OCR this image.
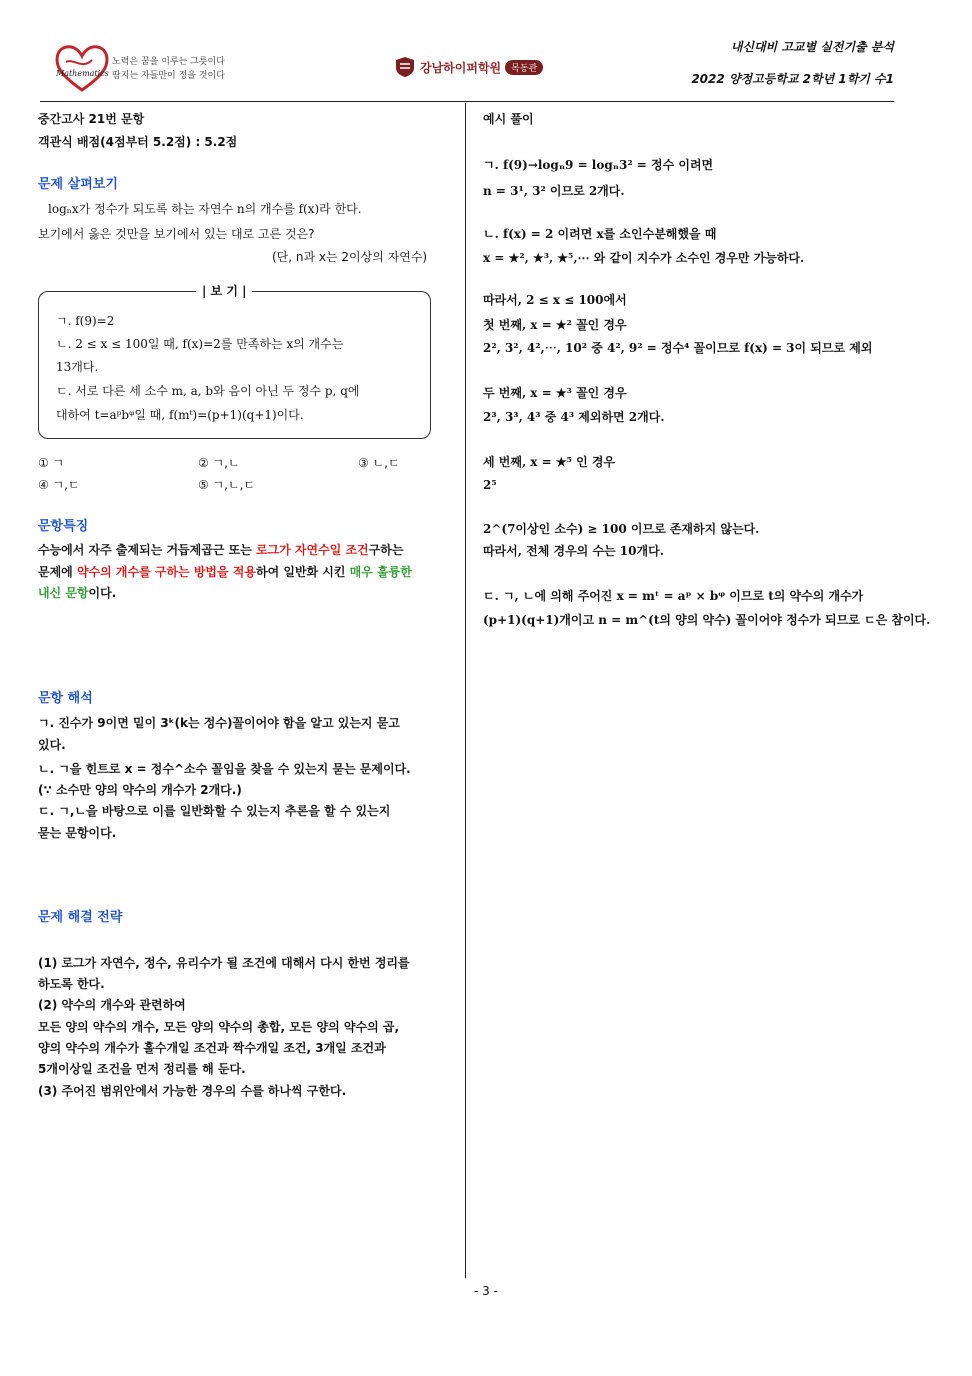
Mathematics
노력은 꿈을 이루는 그릇이다
땀지는 자들만이 정을 것이다
강남하이퍼학원	목동관
내신대비 고교별 실전기출 분석
2022 양정고등학교 2학년 1학기 수1
중간고사 21번 문항
객관식 배점(4점부터 5.2점) : 5.2점
문제 살펴보기
logₙx가 정수가 되도록 하는 자연수 n의 개수를 f(x)라 한다.
보기에서 옳은 것만을 보기에서 있는 대로 고른 것은?
(단, n과 x는 2이상의 자연수)
| 보 기 |
ㄱ. f(9)=2
ㄴ. 2 ≤ x ≤ 100일 때, f(x)=2를 만족하는 x의 개수는
13개다.
ㄷ. 서로 다른 세 소수 m, a, b와 음이 아닌 두 정수 p, q에
대하여 t=aᵖbᵠ일 때, f(mᵗ)=(p+1)(q+1)이다.
① ㄱ	② ㄱ,ㄴ	③ ㄴ,ㄷ
④ ㄱ,ㄷ	⑤ ㄱ,ㄴ,ㄷ
문항특징
수능에서 자주 출제되는 거듭제곱근 또는 로그가 자연수일 조건구하는
문제에 약수의 개수를 구하는 방법을 적용하여 일반화 시킨 매우 훌륭한
내신 문항이다.
문항 해석
ㄱ. 진수가 9이면 밑이 3ᵏ(k는 정수)꼴이어야 함을 알고 있는지 묻고
있다.
ㄴ. ㄱ을 힌트로 x = 정수^소수 꼴임을 찾을 수 있는지 묻는 문제이다.
(∵ 소수만 양의 약수의 개수가 2개다.)
ㄷ. ㄱ,ㄴ을 바탕으로 이를 일반화할 수 있는지 추론을 할 수 있는지
묻는 문항이다.
문제 해결 전략
(1) 로그가 자연수, 정수, 유리수가 될 조건에 대해서 다시 한번 정리를
하도록 한다.
(2) 약수의 개수와 관련하여
모든 양의 약수의 개수, 모든 양의 약수의 총합, 모든 양의 약수의 곱,
양의 약수의 개수가 홀수개일 조건과 짝수개일 조건, 3개일 조건과
5개이상일 조건을 먼저 정리를 해 둔다.
(3) 주어진 범위안에서 가능한 경우의 수를 하나씩 구한다.
예시 풀이
ㄱ. f(9)→logₙ9 = logₙ3² = 정수 이려면
n = 3¹, 3² 이므로 2개다.
ㄴ. f(x) = 2 이려면 x를 소인수분해했을 때
x = ★², ★³, ★⁵,⋯ 와 같이 지수가 소수인 경우만 가능하다.
따라서, 2 ≤ x ≤ 100에서
첫 번째, x = ★² 꼴인 경우
2², 3², 4²,⋯, 10² 중 4², 9² = 정수⁴ 꼴이므로 f(x) = 3이 되므로 제외
두 번째, x = ★³ 꼴인 경우
2³, 3³, 4³ 중 4³ 제외하면 2개다.
세 번째, x = ★⁵ 인 경우
2⁵
2^(7이상인 소수) ≥ 100 이므로 존재하지 않는다.
따라서, 전체 경우의 수는 10개다.
ㄷ. ㄱ, ㄴ에 의해 주어진 x = mᵗ = aᵖ × bᵠ 이므로 t의 약수의 개수가
(p+1)(q+1)개이고 n = m^(t의 양의 약수) 꼴이어야 정수가 되므로 ㄷ은 참이다.
- 3 -
